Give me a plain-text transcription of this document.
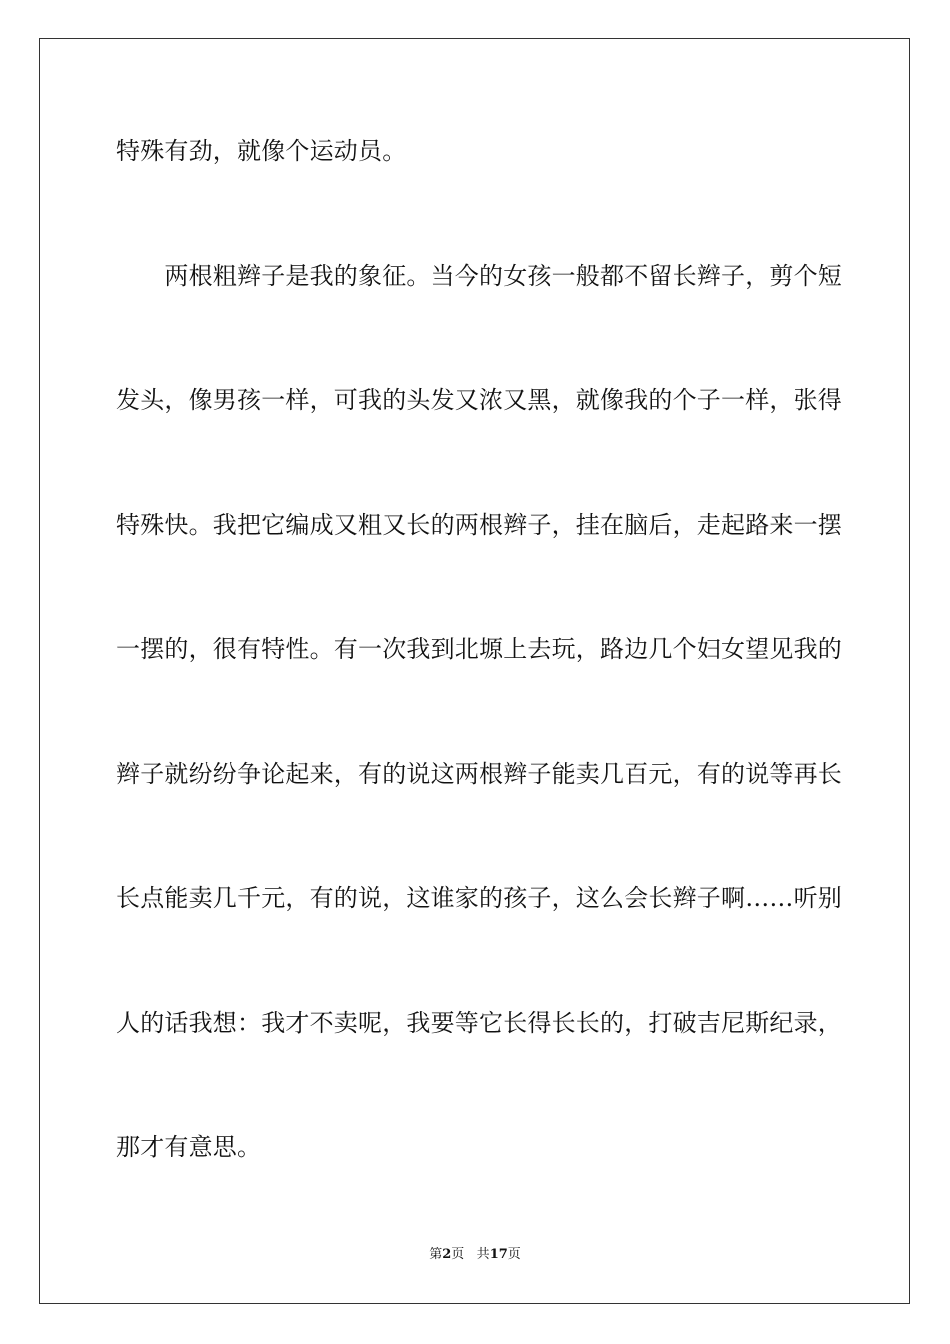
特殊有劲，就像个运动员。
　　两根粗辫子是我的象征。当今的女孩一般都不留长辫子，剪个短
发头，像男孩一样，可我的头发又浓又黑，就像我的个子一样，张得
特殊快。我把它编成又粗又长的两根辫子，挂在脑后，走起路来一摆
一摆的，很有特性。有一次我到北塬上去玩，路边几个妇女望见我的
辫子就纷纷争论起来，有的说这两根辫子能卖几百元，有的说等再长
长点能卖几千元，有的说，这谁家的孩子，这么会长辫子啊……听别
人的话我想：我才不卖呢，我要等它长得长长的，打破吉尼斯纪录，
那才有意思。
第2页 共17页
